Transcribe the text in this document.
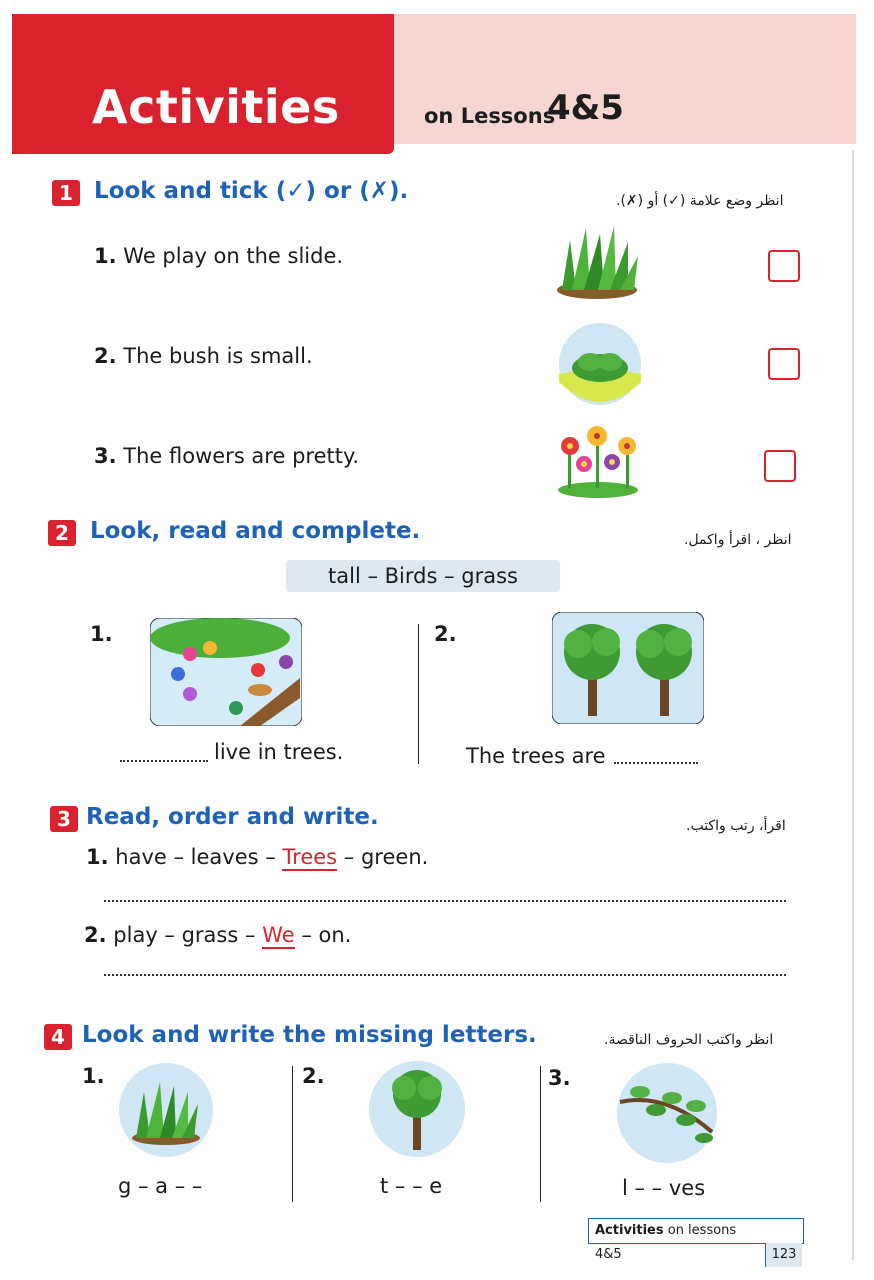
Activities	on Lessons
4&5
1 Look and tick (✓) or (✗).	انظر وضع علامة (✓) أو (✗).
1. We play on the slide.
2. The bush is small.
3. The flowers are pretty.
2 Look, read and complete.	انظر ، اقرأ واكمل.
tall – Birds – grass
1.
live in trees.
2.
The trees are
3 Read, order and write.	اقرأ، رتب واكتب.
1. have – leaves – Trees – green.
2. play – grass – We – on.
4 Look and write the missing letters.	انظر واكتب الحروف الناقصة.
1.
g – a – –
2.
t – – e
3.
l – – ves
Activities on lessons 4&5	123
